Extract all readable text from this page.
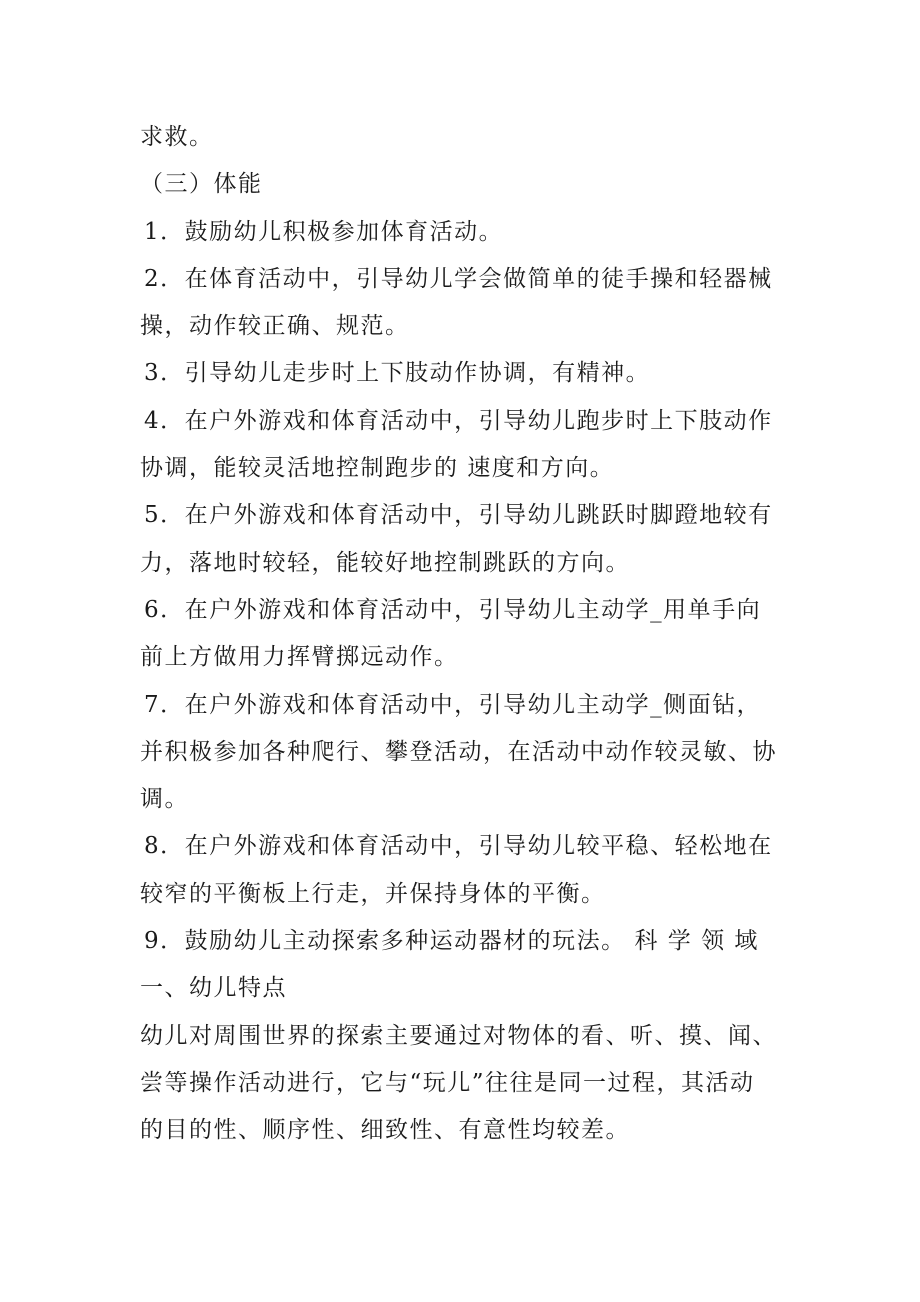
求救。
（三）体能
1．鼓励幼儿积极参加体育活动。
2．在体育活动中，引导幼儿学会做简单的徒手操和轻器械
操，动作较正确、规范。
3．引导幼儿走步时上下肢动作协调，有精神。
4．在户外游戏和体育活动中，引导幼儿跑步时上下肢动作
协调，能较灵活地控制跑步的 速度和方向。
5．在户外游戏和体育活动中，引导幼儿跳跃时脚蹬地较有
力，落地时较轻，能较好地控制跳跃的方向。
6．在户外游戏和体育活动中，引导幼儿主动学_用单手向
前上方做用力挥臂掷远动作。
7．在户外游戏和体育活动中，引导幼儿主动学_侧面钻，
并积极参加各种爬行、攀登活动，在活动中动作较灵敏、协
调。
8．在户外游戏和体育活动中，引导幼儿较平稳、轻松地在
较窄的平衡板上行走，并保持身体的平衡。
9．鼓励幼儿主动探索多种运动器材的玩法。 科 学 领 域
一、幼儿特点
幼儿对周围世界的探索主要通过对物体的看、听、摸、闻、
尝等操作活动进行，它与“玩儿”往往是同一过程，其活动
的目的性、顺序性、细致性、有意性均较差。
